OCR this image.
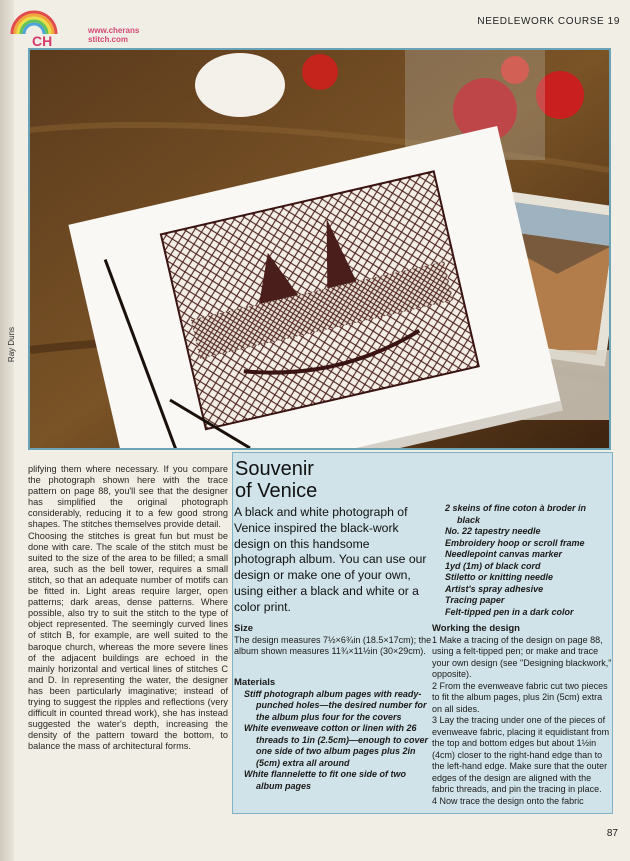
CH
www.cherans
stitch.com
NEEDLEWORK COURSE 19
Ray Duns
plifying them where necessary. If you compare the photograph shown here with the trace pattern on page 88, you'll see that the designer has simplified the original photograph considerably, reducing it to a few good strong shapes. The stitches themselves provide detail.
Choosing the stitches is great fun but must be done with care. The scale of the stitch must be suited to the size of the area to be filled; a small area, such as the bell tower, requires a small stitch, so that an adequate number of motifs can be fitted in. Light areas require larger, open patterns; dark areas, dense patterns. Where possible, also try to suit the stitch to the type of object represented. The seemingly curved lines of stitch B, for example, are well suited to the baroque church, whereas the more severe lines of the adjacent buildings are echoed in the mainly horizontal and vertical lines of stitches C and D. In representing the water, the designer has been particularly imaginative; instead of trying to suggest the ripples and reflections (very difficult in counted thread work), she has instead suggested the water's depth, increasing the density of the pattern toward the bottom, to balance the mass of architectural forms.
Souvenir
of Venice
A black and white photograph of Venice inspired the black-work design on this handsome photograph album. You can use our design or make one of your own, using either a black and white or a color print.
Size
The design measures 7½×6¾in (18.5×17cm); the album shown measures 11¾×11½in (30×29cm).
Materials
Stiff photograph album pages with ready-punched holes—the desired number for the album plus four for the covers
White evenweave cotton or linen with 26 threads to 1in (2.5cm)—enough to cover one side of two album pages plus 2in (5cm) extra all around
White flannelette to fit one side of two album pages
2 skeins of fine coton à broder in black
No. 22 tapestry needle
Embroidery hoop or scroll frame
Needlepoint canvas marker
1yd (1m) of black cord
Stiletto or knitting needle
Artist's spray adhesive
Tracing paper
Felt-tipped pen in a dark color
Working the design
1 Make a tracing of the design on page 88, using a felt-tipped pen; or make and trace your own design (see "Designing blackwork," opposite).
2 From the evenweave fabric cut two pieces to fit the album pages, plus 2in (5cm) extra on all sides.
3 Lay the tracing under one of the pieces of evenweave fabric, placing it equidistant from the top and bottom edges but about 1½in (4cm) closer to the right-hand edge than to the left-hand edge. Make sure that the outer edges of the design are aligned with the fabric threads, and pin the tracing in place.
4 Now trace the design onto the fabric
87
